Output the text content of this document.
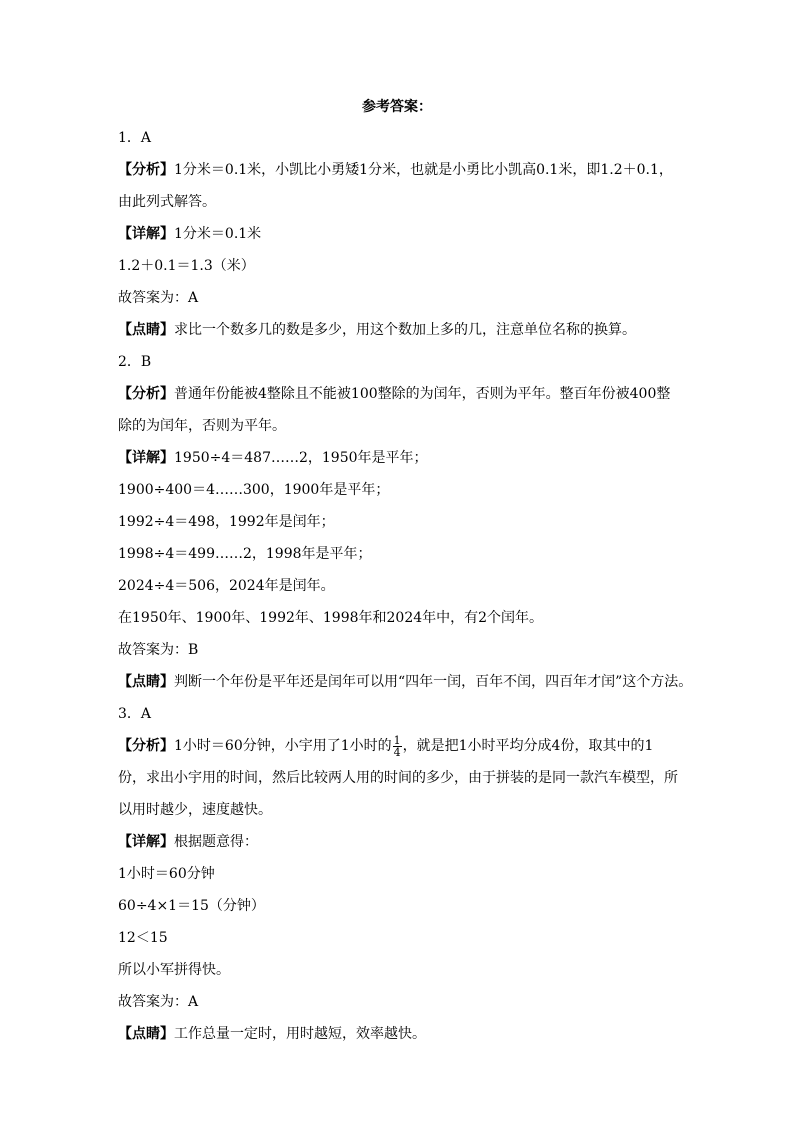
参考答案：
1．A
【分析】1分米＝0.1米，小凯比小勇矮1分米，也就是小勇比小凯高0.1米，即1.2＋0.1，
由此列式解答。
【详解】1分米＝0.1米
1.2＋0.1＝1.3（米）
故答案为：A
【点睛】求比一个数多几的数是多少，用这个数加上多的几，注意单位名称的换算。
2．B
【分析】普通年份能被4整除且不能被100整除的为闰年，否则为平年。整百年份被400整
除的为闰年，否则为平年。
【详解】1950÷4＝487……2，1950年是平年；
1900÷400＝4……300，1900年是平年；
1992÷4＝498，1992年是闰年；
1998÷4＝499……2，1998年是平年；
2024÷4＝506，2024年是闰年。
在1950年、1900年、1992年、1998年和2024年中，有2个闰年。
故答案为：B
【点睛】判断一个年份是平年还是闰年可以用“四年一闰，百年不闰，四百年才闰”这个方法。
3．A
【分析】1小时＝60分钟，小宇用了1小时的 $\frac{1}{4}$ ，就是把1小时平均分成4份，取其中的1
份，求出小宇用的时间，然后比较两人用的时间的多少，由于拼装的是同一款汽车模型，所
以用时越少，速度越快。
【详解】根据题意得：
1小时＝60分钟
60÷4×1＝15（分钟）
12＜15
所以小军拼得快。
故答案为：A
【点睛】工作总量一定时，用时越短，效率越快。
